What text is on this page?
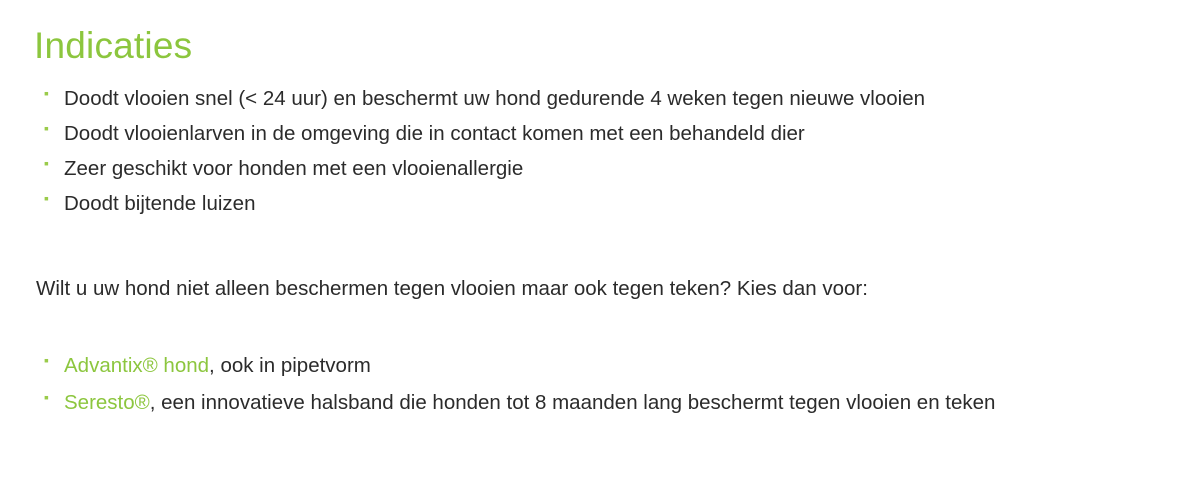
Indicaties
▪ Doodt vlooien snel (< 24 uur) en beschermt uw hond gedurende 4 weken tegen nieuwe vlooien
▪ Doodt vlooienlarven in de omgeving die in contact komen met een behandeld dier
▪ Zeer geschikt voor honden met een vlooienallergie
▪ Doodt bijtende luizen

Wilt u uw hond niet alleen beschermen tegen vlooien maar ook tegen teken? Kies dan voor:

▪ Advantix® hond, ook in pipetvorm
▪ Seresto®, een innovatieve halsband die honden tot 8 maanden lang beschermt tegen vlooien en teken
